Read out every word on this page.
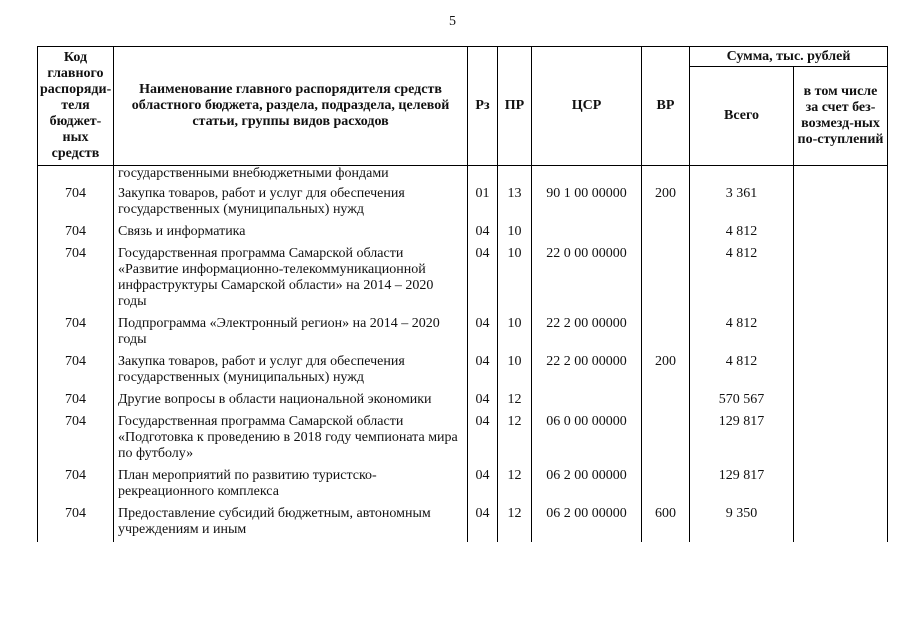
5
Код главного распоряди-теля бюджет-ных средств	Наименование главного распорядителя средств областного бюджета, раздела, подраздела, целевой статьи, группы видов расходов	Рз	ПР	ЦСР	ВР	Сумма, тыс. рублей	
						Всего	в том числе за счет без-возмезд-ных по-ступлений
	государственными внебюджетными фондами						
704	Закупка товаров, работ и услуг для обеспечения государственных (муниципальных) нужд	01	13	90 1 00 00000	200	3 361	
704	Связь и информатика	04	10			4 812	
704	Государственная программа Самарской области «Развитие информационно-телекоммуникационной инфраструктуры Самарской области» на 2014 – 2020 годы	04	10	22 0 00 00000		4 812	
704	Подпрограмма «Электронный регион» на 2014 – 2020 годы	04	10	22 2 00 00000		4 812	
704	Закупка товаров, работ и услуг для обеспечения государственных (муниципальных) нужд	04	10	22 2 00 00000	200	4 812	
704	Другие вопросы в области национальной экономики	04	12			570 567	
704	Государственная программа Самарской области «Подготовка к проведению в 2018 году чемпионата мира по футболу»	04	12	06 0 00 00000		129 817	
704	План мероприятий по развитию туристско-рекреационного комплекса	04	12	06 2 00 00000		129 817	
704	Предоставление субсидий бюджетным, автономным учреждениям и иным	04	12	06 2 00 00000	600	9 350	
